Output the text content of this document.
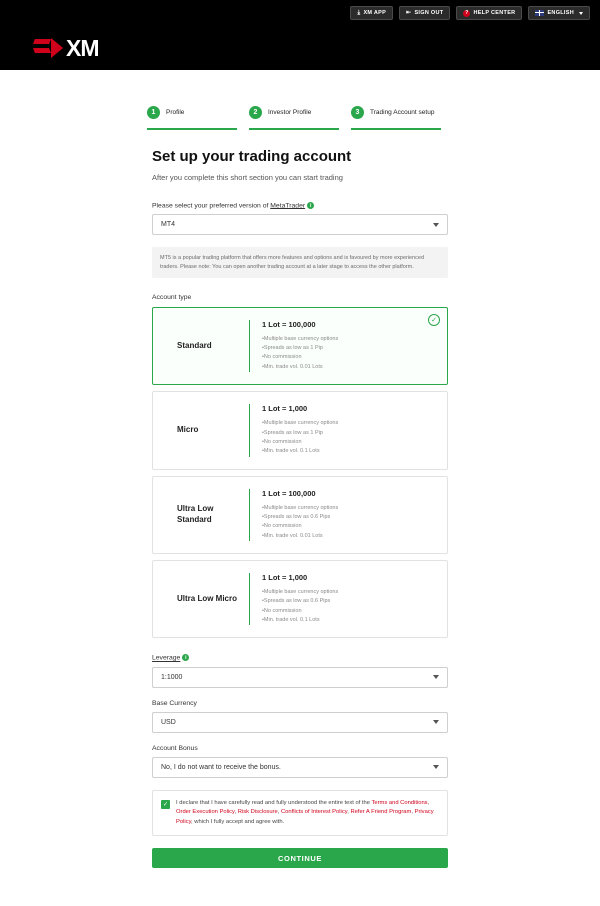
⤓ XM APP	⇤ SIGN OUT	? HELP CENTER	ENGLISH
XM
1	Profile	2	Investor Profile	3	Trading Account setup
Set up your trading account

After you complete this short section you can start trading

Please select your preferred version of MetaTrader i
MT4
MT5 is a popular trading platform that offers more features and options and is favoured by more experienced traders. Please note: You can open another trading account at a later stage to access the other platform.
Account type
Standard
1 Lot = 100,000
•Multiple base currency options
•Spreads as low as 1 Pip
•No commission
•Min. trade vol. 0.01 Lots
✓
Micro
1 Lot = 1,000
•Multiple base currency options
•Spreads as low as 1 Pip
•No commission
•Min. trade vol. 0.1 Lots
Ultra Low Standard
1 Lot = 100,000
•Multiple base currency options
•Spreads as low as 0.6 Pips
•No commission
•Min. trade vol. 0.01 Lots
Ultra Low Micro
1 Lot = 1,000
•Multiple base currency options
•Spreads as low as 0.6 Pips
•No commission
•Min. trade vol. 0.1 Lots
Leverage i
1:1000
Base Currency
USD
Account Bonus
No, I do not want to receive the bonus.
✓	I declare that I have carefully read and fully understood the entire text of the Terms and Conditions, Order Execution Policy, Risk Disclosure, Conflicts of Interest Policy, Refer A Friend Program, Privacy Policy, which I fully accept and agree with.
CONTINUE
